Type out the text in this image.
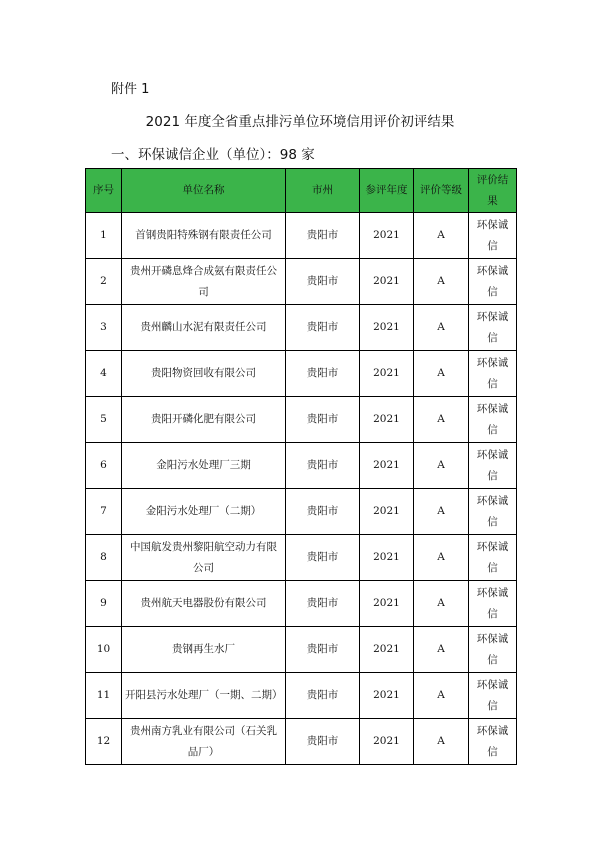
附件 1
2021 年度全省重点排污单位环境信用评价初评结果
一、环保诚信企业（单位）：98 家
序号	单位名称	市州	参评年度	评价等级	评价结果
1	首钢贵阳特殊钢有限责任公司	贵阳市	2021	A	环保诚信
2	贵州开磷息烽合成氨有限责任公司	贵阳市	2021	A	环保诚信
3	贵州麟山水泥有限责任公司	贵阳市	2021	A	环保诚信
4	贵阳物资回收有限公司	贵阳市	2021	A	环保诚信
5	贵阳开磷化肥有限公司	贵阳市	2021	A	环保诚信
6	金阳污水处理厂三期	贵阳市	2021	A	环保诚信
7	金阳污水处理厂（二期）	贵阳市	2021	A	环保诚信
8	中国航发贵州黎阳航空动力有限公司	贵阳市	2021	A	环保诚信
9	贵州航天电器股份有限公司	贵阳市	2021	A	环保诚信
10	贵钢再生水厂	贵阳市	2021	A	环保诚信
11	开阳县污水处理厂（一期、二期）	贵阳市	2021	A	环保诚信
12	贵州南方乳业有限公司（石关乳品厂）	贵阳市	2021	A	环保诚信
